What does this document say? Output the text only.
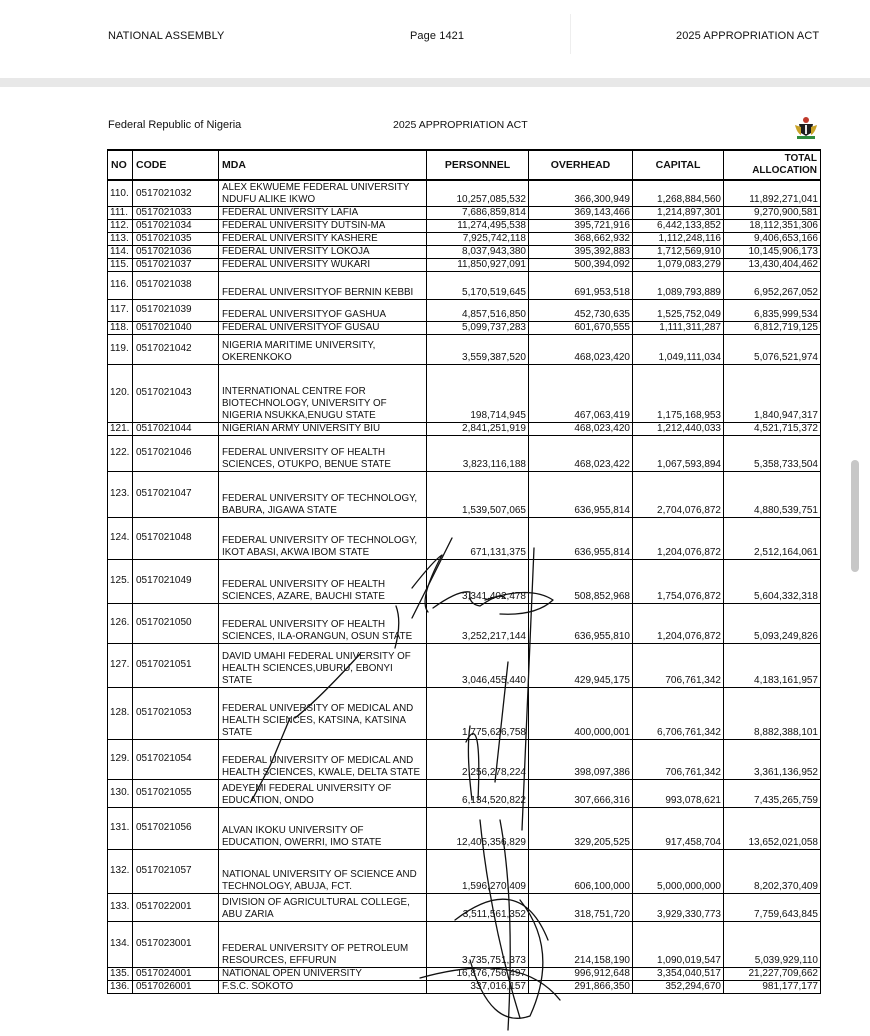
NATIONAL ASSEMBLY	Page 1421	2025 APPROPRIATION ACT
Federal Republic of Nigeria	2025 APPROPRIATION ACT
NO	CODE	MDA	PERSONNEL	OVERHEAD	CAPITAL	TOTAL ALLOCATION
110.	0517021032	ALEX EKWUEME FEDERAL UNIVERSITY NDUFU ALIKE IKWO	10,257,085,532	366,300,949	1,268,884,560	11,892,271,041
111.	0517021033	FEDERAL UNIVERSITY LAFIA	7,686,859,814	369,143,466	1,214,897,301	9,270,900,581
112.	0517021034	FEDERAL UNIVERSITY DUTSIN-MA	11,274,495,538	395,721,916	6,442,133,852	18,112,351,306
113.	0517021035	FEDERAL UNIVERSITY KASHERE	7,925,742,118	368,662,932	1,112,248,116	9,406,653,166
114.	0517021036	FEDERAL UNIVERSITY LOKOJA	8,037,943,380	395,392,883	1,712,569,910	10,145,906,173
115.	0517021037	FEDERAL UNIVERSITY WUKARI	11,850,927,091	500,394,092	1,079,083,279	13,430,404,462
116.	0517021038	FEDERAL UNIVERSITYOF BERNIN KEBBI	5,170,519,645	691,953,518	1,089,793,889	6,952,267,052
117.	0517021039	FEDERAL UNIVERSITYOF GASHUA	4,857,516,850	452,730,635	1,525,752,049	6,835,999,534
118.	0517021040	FEDERAL UNIVERSITYOF GUSAU	5,099,737,283	601,670,555	1,111,311,287	6,812,719,125
119.	0517021042	NIGERIA MARITIME UNIVERSITY, OKERENKOKO	3,559,387,520	468,023,420	1,049,111,034	5,076,521,974
120.	0517021043	INTERNATIONAL CENTRE FOR BIOTECHNOLOGY, UNIVERSITY OF NIGERIA NSUKKA,ENUGU STATE	198,714,945	467,063,419	1,175,168,953	1,840,947,317
121.	0517021044	NIGERIAN ARMY UNIVERSITY BIU	2,841,251,919	468,023,420	1,212,440,033	4,521,715,372
122.	0517021046	FEDERAL UNIVERSITY OF HEALTH SCIENCES, OTUKPO, BENUE STATE	3,823,116,188	468,023,422	1,067,593,894	5,358,733,504
123.	0517021047	FEDERAL UNIVERSITY OF TECHNOLOGY, BABURA, JIGAWA STATE	1,539,507,065	636,955,814	2,704,076,872	4,880,539,751
124.	0517021048	FEDERAL UNIVERSITY OF TECHNOLOGY, IKOT ABASI, AKWA IBOM STATE	671,131,375	636,955,814	1,204,076,872	2,512,164,061
125.	0517021049	FEDERAL UNIVERSITY OF HEALTH SCIENCES, AZARE, BAUCHI STATE	3,341,402,478	508,852,968	1,754,076,872	5,604,332,318
126.	0517021050	FEDERAL UNIVERSITY OF HEALTH SCIENCES, ILA-ORANGUN, OSUN STATE	3,252,217,144	636,955,810	1,204,076,872	5,093,249,826
127.	0517021051	DAVID UMAHI FEDERAL UNIVERSITY OF HEALTH SCIENCES,UBURU, EBONYI STATE	3,046,455,440	429,945,175	706,761,342	4,183,161,957
128.	0517021053	FEDERAL UNIVERSITY OF MEDICAL AND HEALTH SCIENCES, KATSINA, KATSINA STATE	1,775,626,758	400,000,001	6,706,761,342	8,882,388,101
129.	0517021054	FEDERAL UNIVERSITY OF MEDICAL AND HEALTH SCIENCES, KWALE, DELTA STATE	2,256,278,224	398,097,386	706,761,342	3,361,136,952
130.	0517021055	ADEYEMI FEDERAL UNIVERSITY OF EDUCATION, ONDO	6,134,520,822	307,666,316	993,078,621	7,435,265,759
131.	0517021056	ALVAN IKOKU UNIVERSITY OF EDUCATION, OWERRI, IMO STATE	12,405,356,829	329,205,525	917,458,704	13,652,021,058
132.	0517021057	NATIONAL UNIVERSITY OF SCIENCE AND TECHNOLOGY, ABUJA, FCT.	1,596,270,409	606,100,000	5,000,000,000	8,202,370,409
133.	0517022001	DIVISION OF AGRICULTURAL COLLEGE, ABU ZARIA	3,511,561,352	318,751,720	3,929,330,773	7,759,643,845
134.	0517023001	FEDERAL UNIVERSITY OF PETROLEUM RESOURCES, EFFURUN	3,735,751,373	214,158,190	1,090,019,547	5,039,929,110
135.	0517024001	NATIONAL OPEN UNIVERSITY	16,876,756,497	996,912,648	3,354,040,517	21,227,709,662
136.	0517026001	F.S.C. SOKOTO	337,016,157	291,866,350	352,294,670	981,177,177
